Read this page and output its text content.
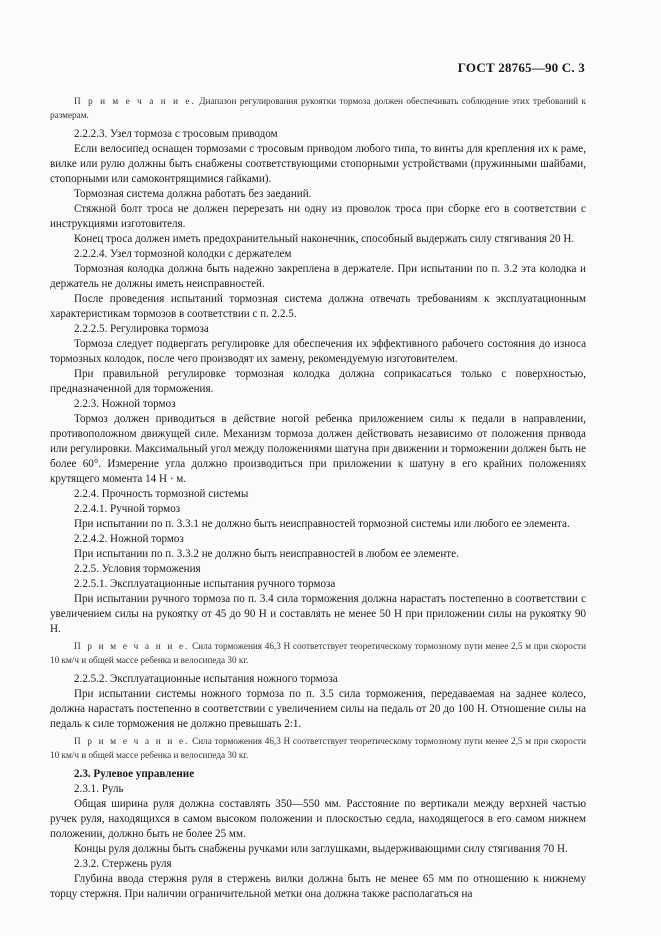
ГОСТ 28765—90 С. 3

П р и м е ч а н и е. Диапазон регулирования рукоятки тормоза должен обеспечивать соблюдение этих требований к размерам.

2.2.2.3. Узел тормоза с тросовым приводом

Если велосипед оснащен тормозами с тросовым приводом любого типа, то винты для крепления их к раме, вилке или рулю должны быть снабжены соответствующими стопорными устройствами (пружинными шайбами, стопорными или самоконтрящимися гайками).

Тормозная система должна работать без заеданий.

Стяжной болт троса не должен перерезать ни одну из проволок троса при сборке его в соответствии с инструкциями изготовителя.

Конец троса должен иметь предохранительный наконечник, способный выдержать силу стягивания 20 Н.

2.2.2.4. Узел тормозной колодки с держателем

Тормозная колодка должна быть надежно закреплена в держателе. При испытании по п. 3.2 эта колодка и держатель не должны иметь неисправностей.

После проведения испытаний тормозная система должна отвечать требованиям к эксплуатационным характеристикам тормозов в соответствии с п. 2.2.5.

2.2.2.5. Регулировка тормоза

Тормоза следует подвергать регулировке для обеспечения их эффективного рабочего состояния до износа тормозных колодок, после чего производят их замену, рекомендуемую изготовителем.

При правильной регулировке тормозная колодка должна соприкасаться только с поверхностью, предназначенной для торможения.

2.2.3. Ножной тормоз

Тормоз должен приводиться в действие ногой ребенка приложением силы к педали в направлении, противоположном движущей силе. Механизм тормоза должен действовать независимо от положения привода или регулировки. Максимальный угол между положениями шатуна при движении и торможении должен быть не более 60°. Измерение угла должно производиться при приложении к шатуну в его крайних положениях крутящего момента 14 Н · м.

2.2.4. Прочность тормозной системы

2.2.4.1. Ручной тормоз

При испытании по п. 3.3.1 не должно быть неисправностей тормозной системы или любого ее элемента.

2.2.4.2. Ножной тормоз

При испытании по п. 3.3.2 не должно быть неисправностей в любом ее элементе.

2.2.5. Условия торможения

2.2.5.1. Эксплуатационные испытания ручного тормоза

При испытании ручного тормоза по п. 3.4 сила торможения должна нарастать постепенно в соответствии с увеличением силы на рукоятку от 45 до 90 Н и составлять не менее 50 Н при приложении силы на рукоятку 90 Н.

П р и м е ч а н и е. Сила торможения 46,3 Н соответствует теоретическому тормозному пути менее 2,5 м при скорости 10 км/ч и общей массе ребенка и велосипеда 30 кг.

2.2.5.2. Эксплуатационные испытания ножного тормоза

При испытании системы ножного тормоза по п. 3.5 сила торможения, передаваемая на заднее колесо, должна нарастать постепенно в соответствии с увеличением силы на педаль от 20 до 100 Н. Отношение силы на педаль к силе торможения не должно превышать 2:1.

П р и м е ч а н и е. Сила торможения 46,3 Н соответствует теоретическому тормозному пути менее 2,5 м при скорости 10 км/ч и общей массе ребенка и велосипеда 30 кг.

2.3. Рулевое управление

2.3.1. Руль

Общая ширина руля должна составлять 350—550 мм. Расстояние по вертикали между верхней частью ручек руля, находящихся в самом высоком положении и плоскостью седла, находящегося в его самом нижнем положении, должно быть не более 25 мм.

Концы руля должны быть снабжены ручками или заглушками, выдерживающими силу стягивания 70 Н.

2.3.2. Стержень руля

Глубина ввода стержня руля в стержень вилки должна быть не менее 65 мм по отношению к нижнему торцу стержня. При наличии ограничительной метки она должна также располагаться на
